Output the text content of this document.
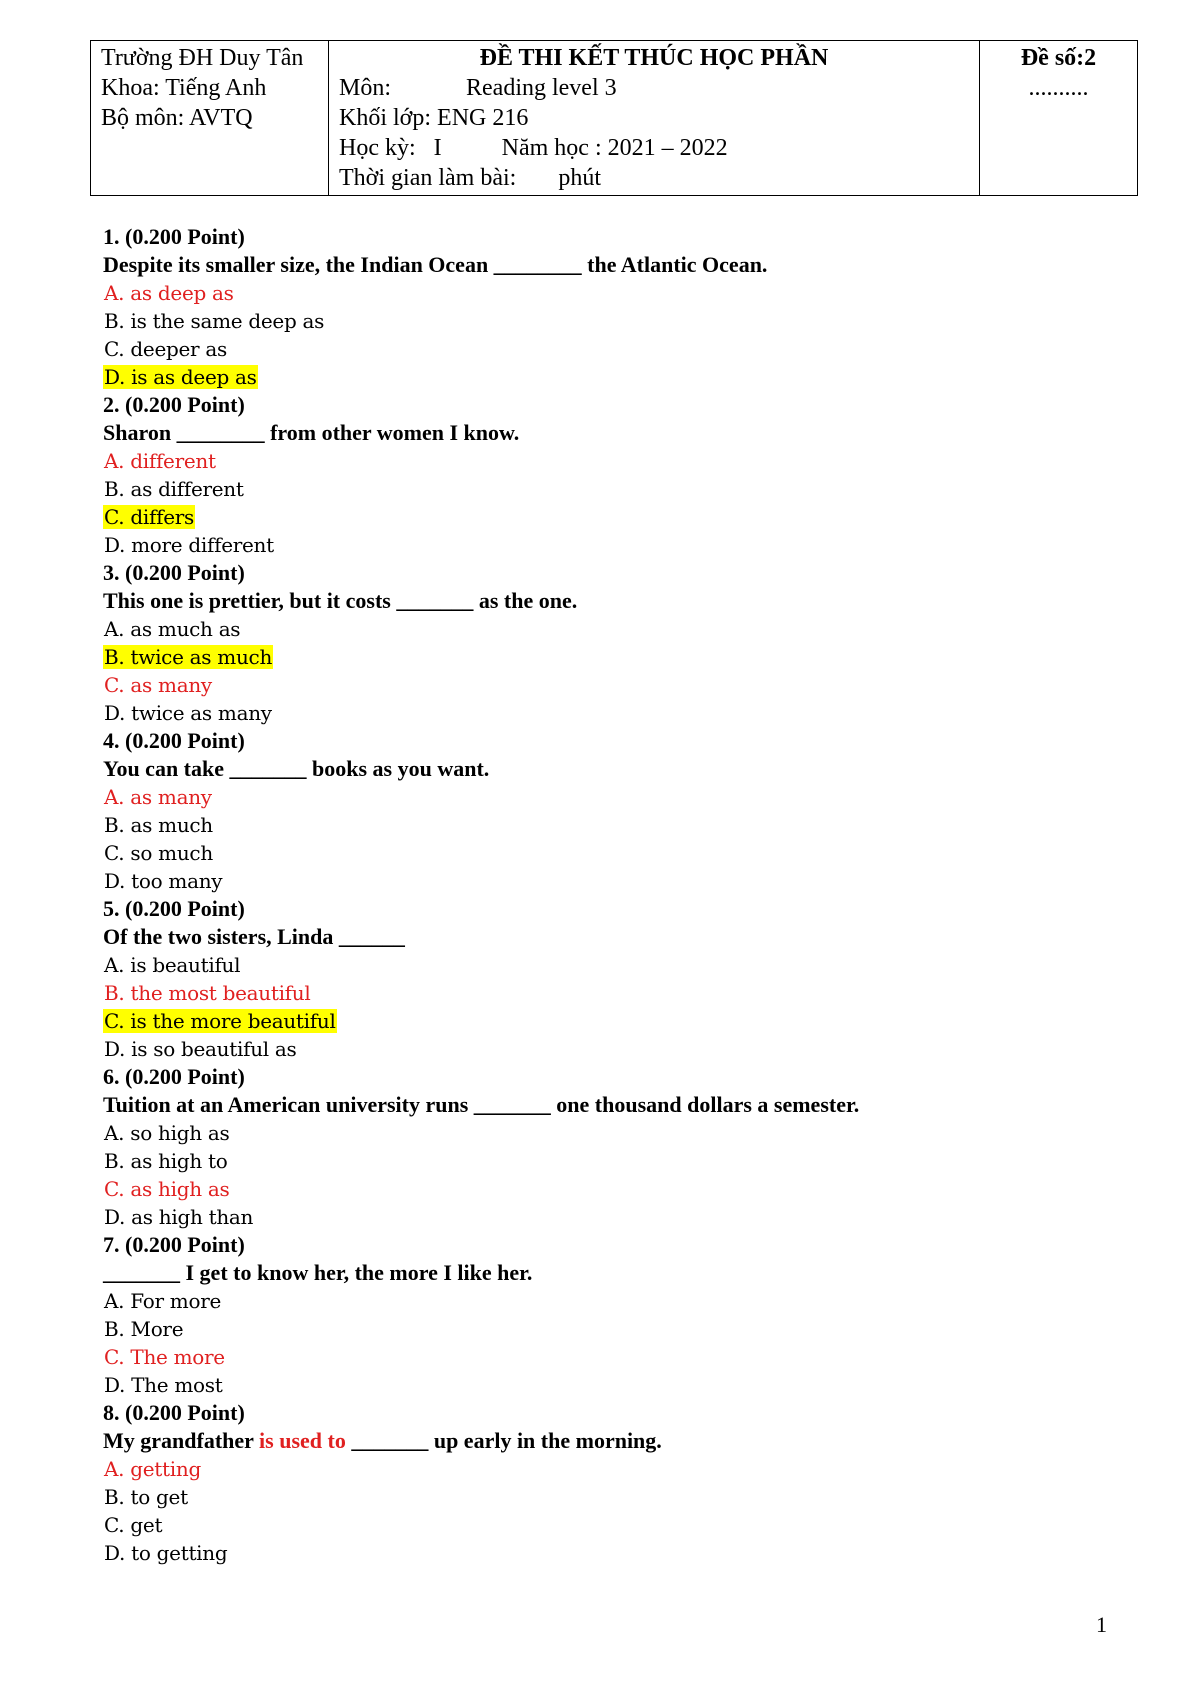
Trường ĐH Duy Tân
Khoa: Tiếng Anh
Bộ môn: AVTQ

ĐỀ THI KẾT THÚC HỌC PHẦN
Môn:	Reading level 3
Khối lớp: ENG 216
Học kỳ: I	Năm học : 2021 – 2022
Thời gian làm bài: phút

Đề số:2
..........

1. (0.200 Point)

Despite its smaller size, the Indian Ocean ________ the Atlantic Ocean.

A. as deep as

B. is the same deep as

C. deeper as

D. is as deep as

2. (0.200 Point)

Sharon ________ from other women I know.

A. different

B. as different

C. differs

D. more different

3. (0.200 Point)

This one is prettier, but it costs _______ as the one.

A. as much as

B. twice as much

C. as many

D. twice as many

4. (0.200 Point)

You can take _______ books as you want.

A. as many

B. as much

C. so much

D. too many

5. (0.200 Point)

Of the two sisters, Linda ______

A. is beautiful

B. the most beautiful

C. is the more beautiful

D. is so beautiful as

6. (0.200 Point)

Tuition at an American university runs _______ one thousand dollars a semester.

A. so high as

B. as high to

C. as high as

D. as high than

7. (0.200 Point)

_______ I get to know her, the more I like her.

A. For more

B. More

C. The more

D. The most

8. (0.200 Point)

My grandfather is used to _______ up early in the morning.

A. getting

B. to get

C. get

D. to getting

1
